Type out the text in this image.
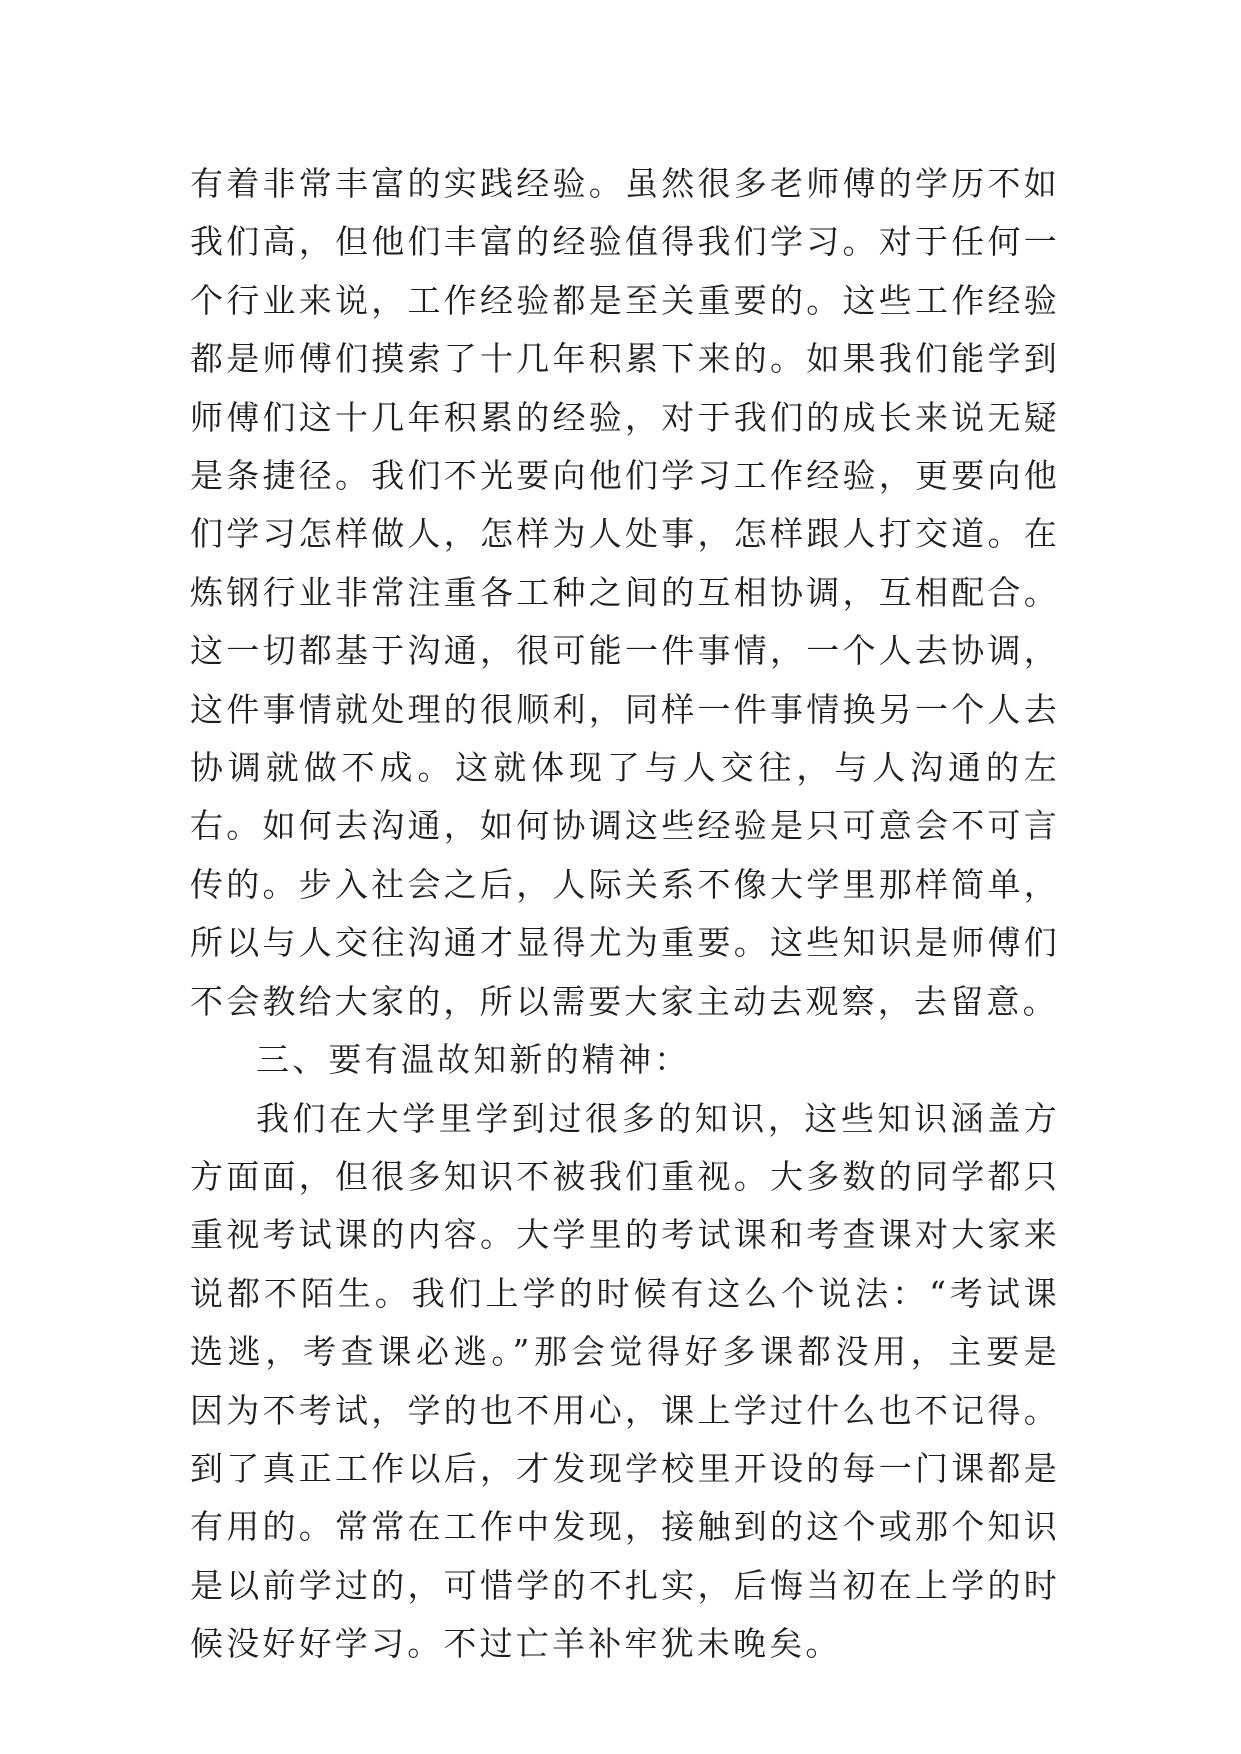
有着非常丰富的实践经验。虽然很多老师傅的学历不如我们高，但他们丰富的经验值得我们学习。对于任何一个行业来说，工作经验都是至关重要的。这些工作经验都是师傅们摸索了十几年积累下来的。如果我们能学到师傅们这十几年积累的经验，对于我们的成长来说无疑是条捷径。我们不光要向他们学习工作经验，更要向他们学习怎样做人，怎样为人处事，怎样跟人打交道。在炼钢行业非常注重各工种之间的互相协调，互相配合。这一切都基于沟通，很可能一件事情，一个人去协调，这件事情就处理的很顺利，同样一件事情换另一个人去协调就做不成。这就体现了与人交往，与人沟通的左右。如何去沟通，如何协调这些经验是只可意会不可言传的。步入社会之后，人际关系不像大学里那样简单，所以与人交往沟通才显得尤为重要。这些知识是师傅们不会教给大家的，所以需要大家主动去观察，去留意。

三、要有温故知新的精神：

我们在大学里学到过很多的知识，这些知识涵盖方方面面，但很多知识不被我们重视。大多数的同学都只重视考试课的内容。大学里的考试课和考查课对大家来说都不陌生。我们上学的时候有这么个说法：“考试课选逃，考查课必逃。”那会觉得好多课都没用，主要是因为不考试，学的也不用心，课上学过什么也不记得。到了真正工作以后，才发现学校里开设的每一门课都是有用的。常常在工作中发现，接触到的这个或那个知识是以前学过的，可惜学的不扎实，后悔当初在上学的时候没好好学习。不过亡羊补牢犹未晚矣。
